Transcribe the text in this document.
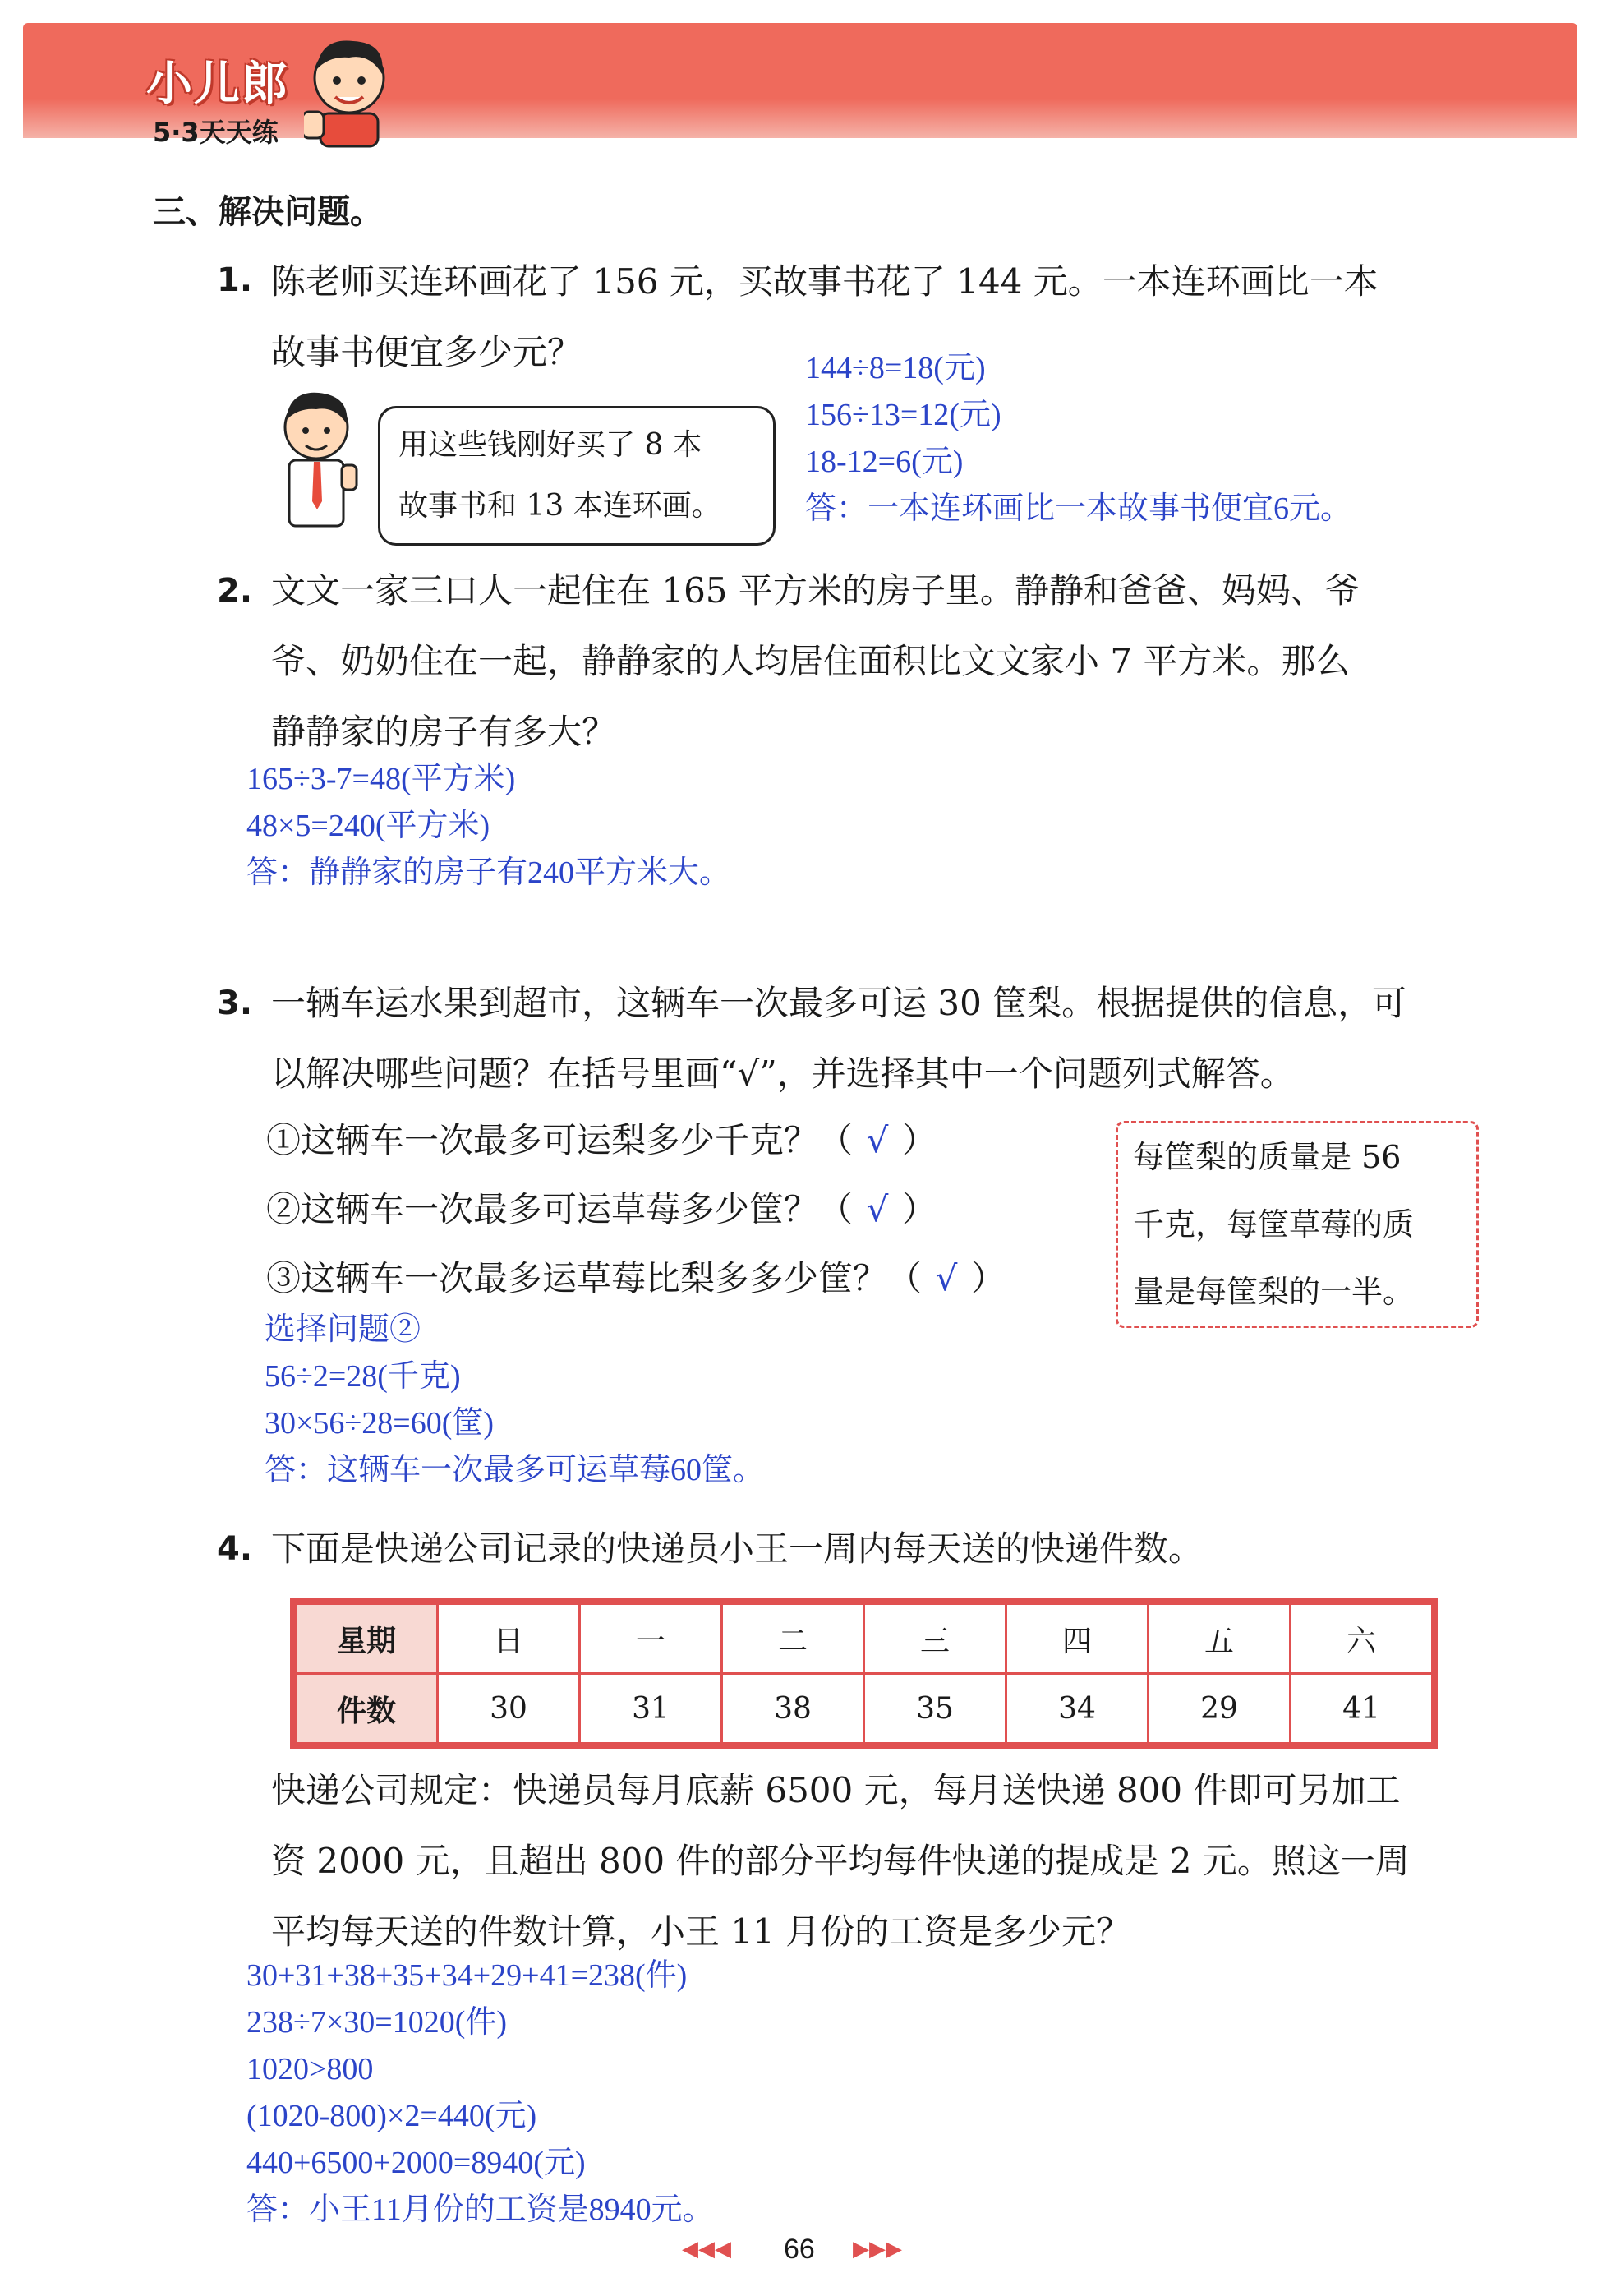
小儿郎
5·3天天练
三、解决问题。
1. 陈老师买连环画花了 156 元，买故事书花了 144 元。一本连环画比一本
故事书便宜多少元？
用这些钱刚好买了 8 本
故事书和 13 本连环画。
144÷8=18(元)
156÷13=12(元)
18-12=6(元)
答：一本连环画比一本故事书便宜6元。
2. 文文一家三口人一起住在 165 平方米的房子里。静静和爸爸、妈妈、爷
爷、奶奶住在一起，静静家的人均居住面积比文文家小 7 平方米。那么
静静家的房子有多大？
165÷3-7=48(平方米)
48×5=240(平方米)
答：静静家的房子有240平方米大。
3. 一辆车运水果到超市，这辆车一次最多可运 30 筐梨。根据提供的信息，可
以解决哪些问题？在括号里画“√”，并选择其中一个问题列式解答。
①这辆车一次最多可运梨多少千克？（ √ ）
②这辆车一次最多可运草莓多少筐？（ √ ）
③这辆车一次最多运草莓比梨多多少筐？（ √ ）
每筐梨的质量是 56
千克，每筐草莓的质
量是每筐梨的一半。
选择问题②
56÷2=28(千克)
30×56÷28=60(筐)
答：这辆车一次最多可运草莓60筐。
4. 下面是快递公司记录的快递员小王一周内每天送的快递件数。
星期	日	一	二	三	四	五	六
件数	30	31	38	35	34	29	41
快递公司规定：快递员每月底薪 6500 元，每月送快递 800 件即可另加工
资 2000 元，且超出 800 件的部分平均每件快递的提成是 2 元。照这一周
平均每天送的件数计算，小王 11 月份的工资是多少元？
30+31+38+35+34+29+41=238(件)
238÷7×30=1020(件)
1020>800
(1020-800)×2=440(元)
440+6500+2000=8940(元)
答：小王11月份的工资是8940元。
◀◀◀ 66 ▶▶▶
